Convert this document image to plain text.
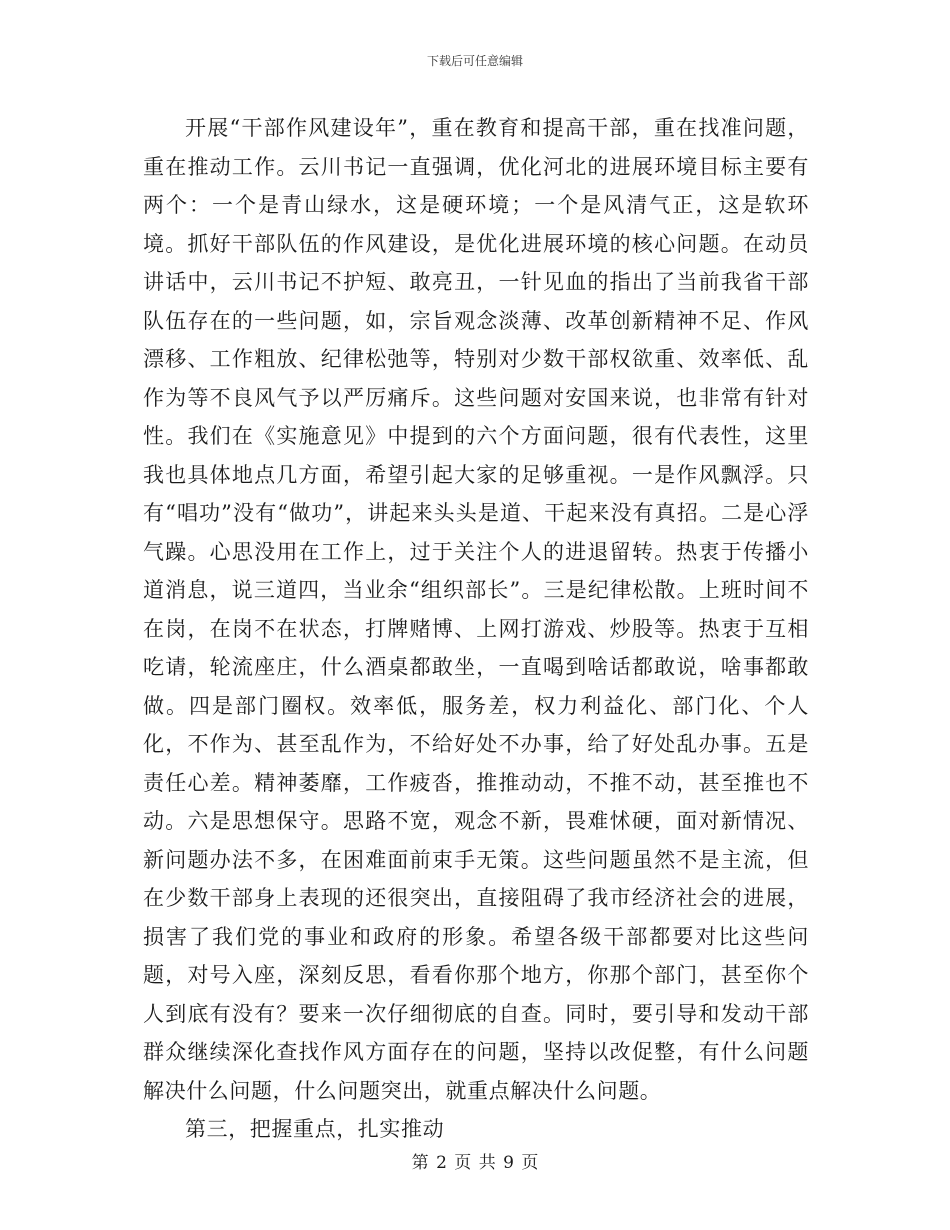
下载后可任意编辑

开展“干部作风建设年”，重在教育和提高干部，重在找准问题，重在推动工作。云川书记一直强调，优化河北的进展环境目标主要有两个：一个是青山绿水，这是硬环境；一个是风清气正，这是软环境。抓好干部队伍的作风建设，是优化进展环境的核心问题。在动员讲话中，云川书记不护短、敢亮丑，一针见血的指出了当前我省干部队伍存在的一些问题，如，宗旨观念淡薄、改革创新精神不足、作风漂移、工作粗放、纪律松弛等，特别对少数干部权欲重、效率低、乱作为等不良风气予以严厉痛斥。这些问题对安国来说，也非常有针对性。我们在《实施意见》中提到的六个方面问题，很有代表性，这里我也具体地点几方面，希望引起大家的足够重视。一是作风飘浮。只有“唱功”没有“做功”，讲起来头头是道、干起来没有真招。二是心浮气躁。心思没用在工作上，过于关注个人的进退留转。热衷于传播小道消息，说三道四，当业余“组织部长”。三是纪律松散。上班时间不在岗，在岗不在状态，打牌赌博、上网打游戏、炒股等。热衷于互相吃请，轮流座庄，什么酒桌都敢坐，一直喝到啥话都敢说，啥事都敢做。四是部门圈权。效率低，服务差，权力利益化、部门化、个人化，不作为、甚至乱作为，不给好处不办事，给了好处乱办事。五是责任心差。精神萎靡，工作疲沓，推推动动，不推不动，甚至推也不动。六是思想保守。思路不宽，观念不新，畏难怵硬，面对新情况、新问题办法不多，在困难面前束手无策。这些问题虽然不是主流，但在少数干部身上表现的还很突出，直接阻碍了我市经济社会的进展，损害了我们党的事业和政府的形象。希望各级干部都要对比这些问题，对号入座，深刻反思，看看你那个地方，你那个部门，甚至你个人到底有没有？要来一次仔细彻底的自查。同时，要引导和发动干部群众继续深化查找作风方面存在的问题，坚持以改促整，有什么问题解决什么问题，什么问题突出，就重点解决什么问题。

第三，把握重点，扎实推动

第 2 页 共 9 页
